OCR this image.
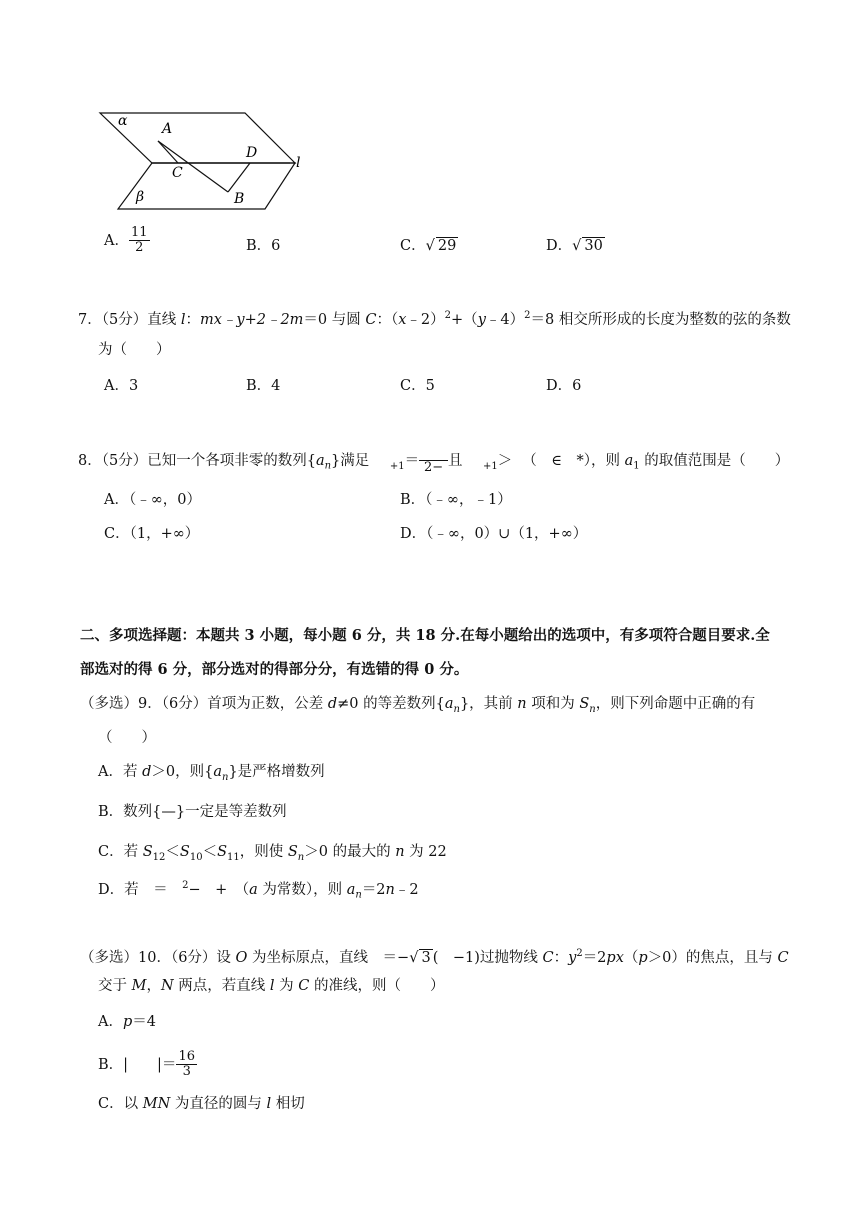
α A
D
l
C
β	B
A． $\frac{11}{2}$	B．6	C．√ 29	D．√ 30
7．（5分）直线 l：mx﹣y+2﹣2m＝0 与圆 C：（x﹣2）$^2$+（y﹣4）$^2$＝8 相交所形成的长度为整数的弦的条数
为（　　）
A．3	B．4	C．5	D．6
8．（5分）已知一个各项非零的数列$\{a_n\}$满足 $_{+1}$＝
2− 且 $_{+1}$＞ （　∈　*），则 $a_1$ 的取值范围是（　　）
A．（﹣∞，0）	B．（﹣∞，﹣1）
C．（1，+∞）	D．（﹣∞，0）∪（1，+∞）
二、多项选择题：本题共 3 小题，每小题 6 分，共 18 分.在每小题给出的选项中，有多项符合题目要求.全
部选对的得 6 分，部分选对的得部分分，有选错的得 0 分。
（多选）9．（6分）首项为正数，公差 d≠0 的等差数列$\{a_n\}$，其前 n 项和为 $S_n$，则下列命题中正确的有
（　　）
A．若 d＞0，则$\{a_n\}$是严格增数列
B．数列{—}一定是等差数列
C．若 $S_{12}<S_{10}<S_{11}$，则使 $S_n>0$ 的最大的 n 为 22
D．若　＝　$^2$−　+　（a 为常数），则 $a_n=2n﹣2$
（多选）10．（6分）设 O 为坐标原点，直线　＝−√ 3 (　−1)过抛物线 C：$y^2=2px(p>0)$的焦点，且与 C
交于 M，N 两点，若直线 l 为 C 的准线，则（　　）
A．p＝4
B．|　　|＝ $\frac{16}{3}$
C．以 MN 为直径的圆与 l 相切
